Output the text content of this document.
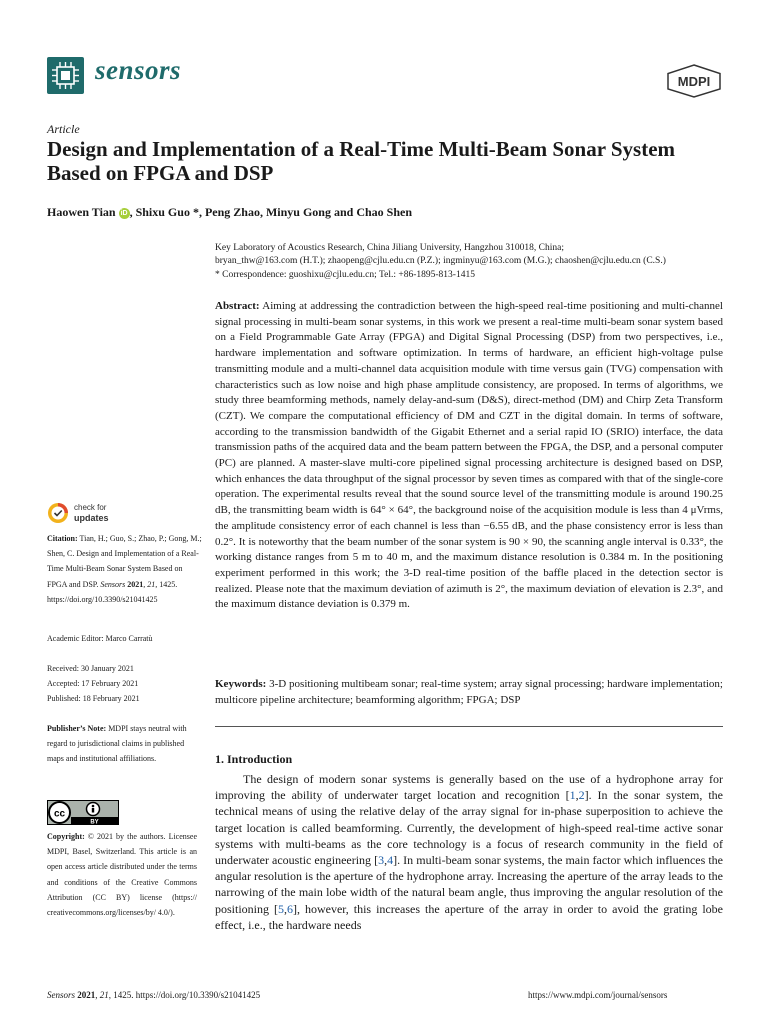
sensors	MDPI
Article
Design and Implementation of a Real-Time Multi-Beam Sonar System Based on FPGA and DSP
Haowen Tian iD , Shixu Guo *, Peng Zhao, Minyu Gong and Chao Shen
Key Laboratory of Acoustics Research, China Jiliang University, Hangzhou 310018, China;
bryan_thw@163.com (H.T.); zhaopeng@cjlu.edu.cn (P.Z.); ingminyu@163.com (M.G.); chaoshen@cjlu.edu.cn (C.S.)
* Correspondence: guoshixu@cjlu.edu.cn; Tel.: +86-1895-813-1415
Abstract: Aiming at addressing the contradiction between the high-speed real-time positioning and multi-channel signal processing in multi-beam sonar systems, in this work we present a real-time multi-beam sonar system based on a Field Programmable Gate Array (FPGA) and Digital Signal Processing (DSP) from two perspectives, i.e., hardware implementation and software optimization. In terms of hardware, an efficient high-voltage pulse transmitting module and a multi-channel data acquisition module with time versus gain (TVG) compensation with characteristics such as low noise and high phase amplitude consistency, are proposed. In terms of algorithms, we study three beamforming methods, namely delay-and-sum (D&S), direct-method (DM) and Chirp Zeta Transform (CZT). We compare the computational efficiency of DM and CZT in the digital domain. In terms of software, according to the transmission bandwidth of the Gigabit Ethernet and a serial rapid IO (SRIO) interface, the data transmission paths of the acquired data and the beam pattern between the FPGA, the DSP, and a personal computer (PC) are planned. A master-slave multi-core pipelined signal processing architecture is designed based on DSP, which enhances the data throughput of the signal processor by seven times as compared with that of the single-core operation. The experimental results reveal that the sound source level of the transmitting module is around 190.25 dB, the transmitting beam width is 64° × 64°, the background noise of the acquisition module is less than 4 μVrms, the amplitude consistency error of each channel is less than −6.55 dB, and the phase consistency error is less than 0.2°. It is noteworthy that the beam number of the sonar system is 90 × 90, the scanning angle interval is 0.33°, the working distance ranges from 5 m to 40 m, and the maximum distance resolution is 0.384 m. In the positioning experiment performed in this work; the 3-D real-time position of the baffle placed in the detection sector is realized. Please note that the maximum deviation of azimuth is 2°, the maximum deviation of elevation is 2.3°, and the maximum distance deviation is 0.379 m.
Keywords: 3-D positioning multibeam sonar; real-time system; array signal processing; hardware implementation; multicore pipeline architecture; beamforming algorithm; FPGA; DSP
1. Introduction
The design of modern sonar systems is generally based on the use of a hydrophone array for improving the ability of underwater target location and recognition [1,2]. In the sonar system, the technical means of using the relative delay of the array signal for in-phase superposition to achieve the target location is called beamforming. Currently, the development of high-speed real-time active sonar systems with multi-beams as the core technology is a focus of research community in the field of underwater acoustic engineering [3,4]. In multi-beam sonar systems, the main factor which influences the angular resolution is the aperture of the hydrophone array. Increasing the aperture of the array leads to the narrowing of the main lobe width of the natural beam angle, thus improving the angular resolution of the positioning [5,6], however, this increases the aperture of the array in order to avoid the grating lobe effect, i.e., the hardware needs
check for
updates
Citation: Tian, H.; Guo, S.; Zhao, P.; Gong, M.; Shen, C. Design and Implementation of a Real-Time Multi-Beam Sonar System Based on FPGA and DSP. Sensors 2021, 21, 1425. https://doi.org/10.3390/s21041425
Academic Editor: Marco Carratù
Received: 30 January 2021
Accepted: 17 February 2021
Published: 18 February 2021
Publisher’s Note: MDPI stays neutral with regard to jurisdictional claims in published maps and institutional affiliations.
cc
BY
Copyright: © 2021 by the authors. Licensee MDPI, Basel, Switzerland. This article is an open access article distributed under the terms and conditions of the Creative Commons Attribution (CC BY) license (https:// creativecommons.org/licenses/by/ 4.0/).
Sensors 2021, 21, 1425. https://doi.org/10.3390/s21041425	https://www.mdpi.com/journal/sensors
